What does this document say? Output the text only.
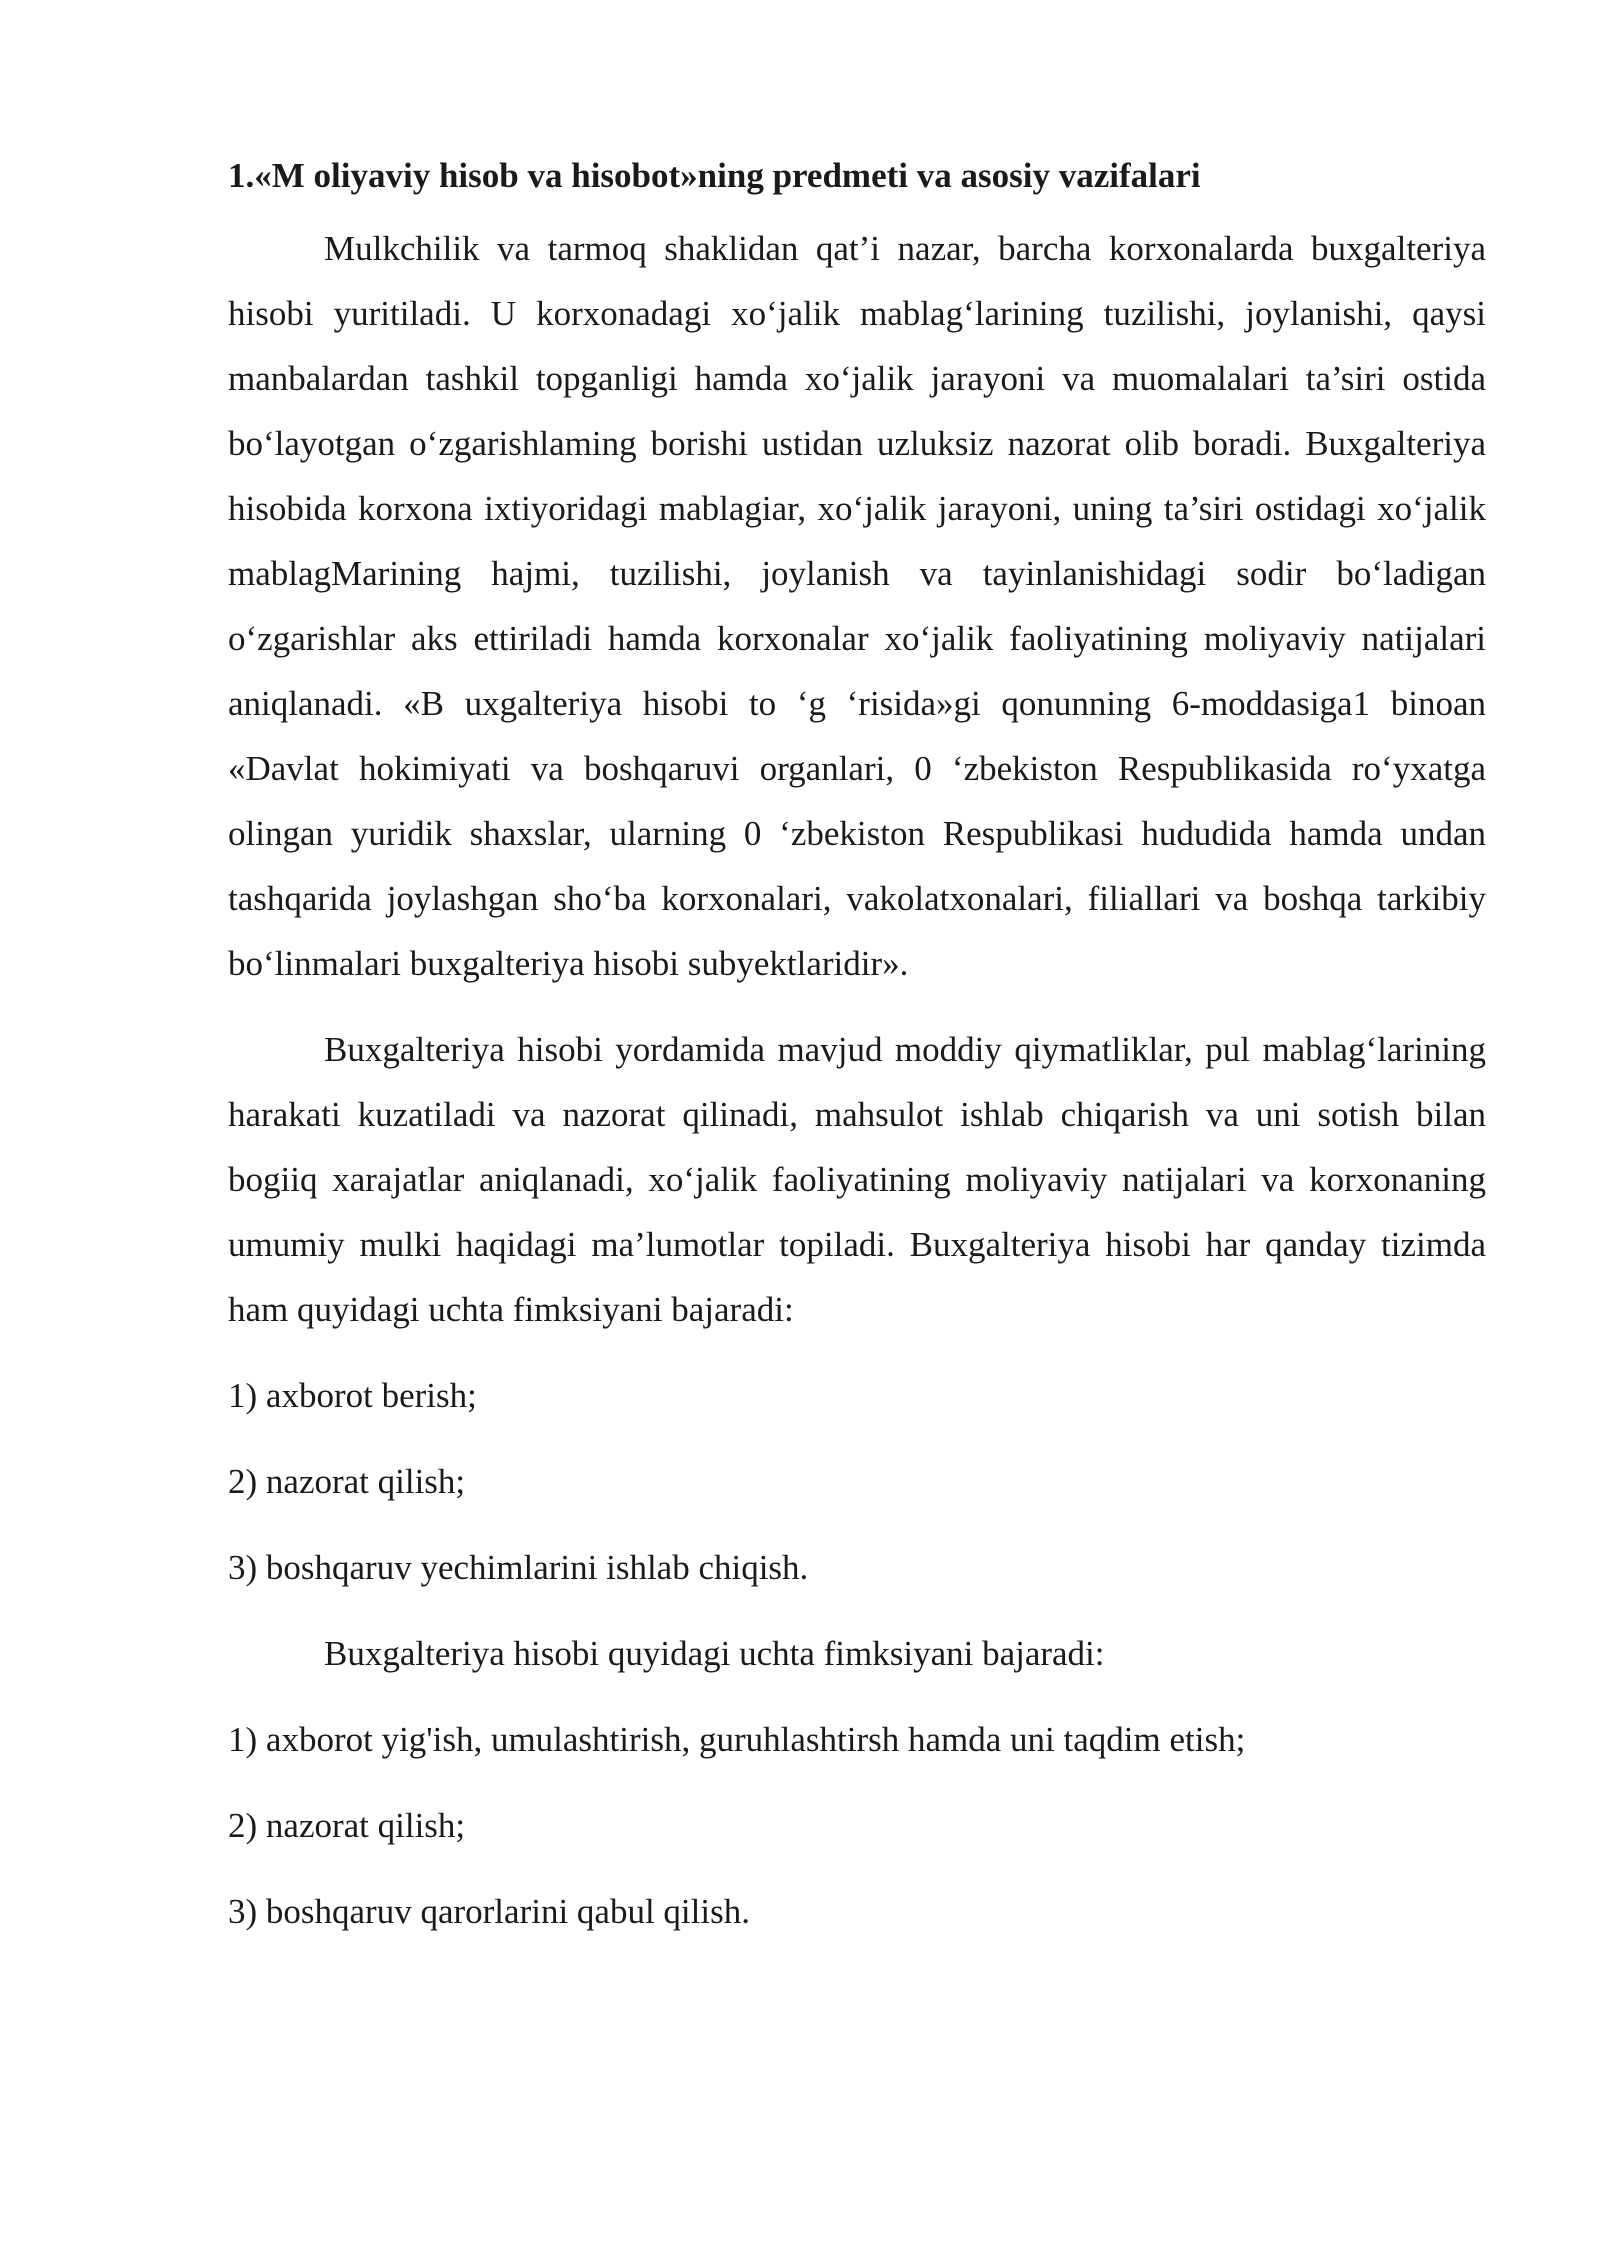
1.«M oliyaviy hisob va hisobot»ning predmeti va asosiy vazifalari

Mulkchilik va tarmoq shaklidan qat’i nazar, barcha korxonalarda buxgalteriya hisobi yuritiladi. U korxonadagi xo‘jalik mablag‘larining tuzilishi, joylanishi, qaysi manbalardan tashkil topganligi hamda xo‘jalik jarayoni va muomalalari ta’siri ostida bo‘layotgan o‘zgarishlaming borishi ustidan uzluksiz nazorat olib boradi. Buxgalteriya hisobida korxona ixtiyoridagi mablagiar, xo‘jalik jarayoni, uning ta’siri ostidagi xo‘jalik mablagMarining hajmi, tuzilishi, joylanish va tayinlanishidagi sodir bo‘ladigan o‘zgarishlar aks ettiriladi hamda korxonalar xo‘jalik faoliyatining moliyaviy natijalari aniqlanadi. «B uxgalteriya hisobi to ‘g ‘risida»gi qonunning 6-moddasiga1 binoan «Davlat hokimiyati va boshqaruvi organlari, 0 ‘zbekiston Respublikasida ro‘yxatga olingan yuridik shaxslar, ularning 0 ‘zbekiston Respublikasi hududida hamda undan tashqarida joylashgan sho‘ba korxonalari, vakolatxonalari, filiallari va boshqa tarkibiy bo‘linmalari buxgalteriya hisobi subyektlaridir».

Buxgalteriya hisobi yordamida mavjud moddiy qiymatliklar, pul mablag‘larining harakati kuzatiladi va nazorat qilinadi, mahsulot ishlab chiqarish va uni sotish bilan bogiiq xarajatlar aniqlanadi, xo‘jalik faoliyatining moliyaviy natijalari va korxonaning umumiy mulki haqidagi ma’lumotlar topiladi. Buxgalteriya hisobi har qanday tizimda ham quyidagi uchta fimksiyani bajaradi:

1) axborot berish;
2) nazorat qilish;
3) boshqaruv yechimlarini ishlab chiqish.
Buxgalteriya hisobi quyidagi uchta fimksiyani bajaradi:
1) axborot yig'ish, umulashtirish, guruhlashtirsh hamda uni taqdim etish;
2) nazorat qilish;
3) boshqaruv qarorlarini qabul qilish.
